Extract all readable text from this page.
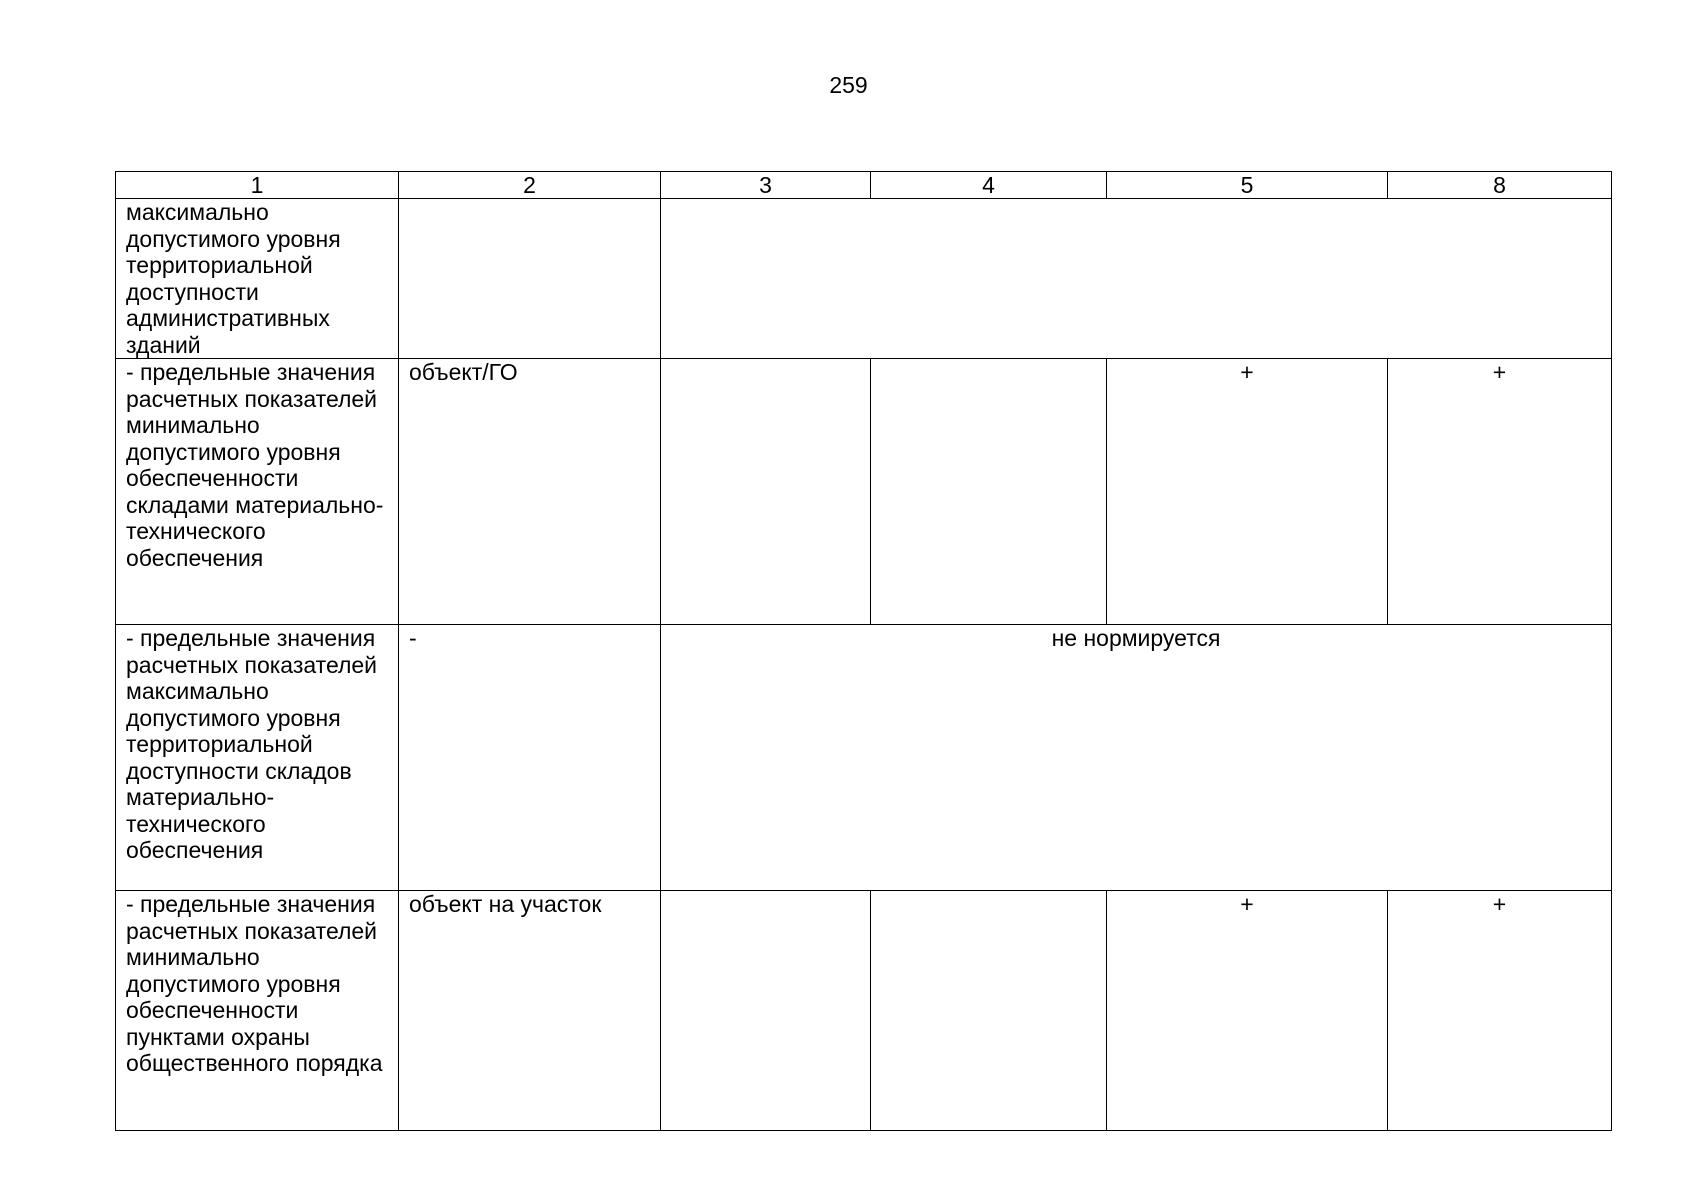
259
1	2	3	4	5	8
максимально допустимого уровня территориальной доступности административных зданий					
- предельные значения расчетных показателей минимально допустимого уровня обеспеченности складами материально-технического обеспечения	объект/ГО			+	+
- предельные значения расчетных показателей максимально допустимого уровня территориальной доступности складов материально-технического обеспечения	-	не нормируется			
- предельные значения расчетных показателей минимально допустимого уровня обеспеченности пунктами охраны общественного порядка	объект на участок			+	+
